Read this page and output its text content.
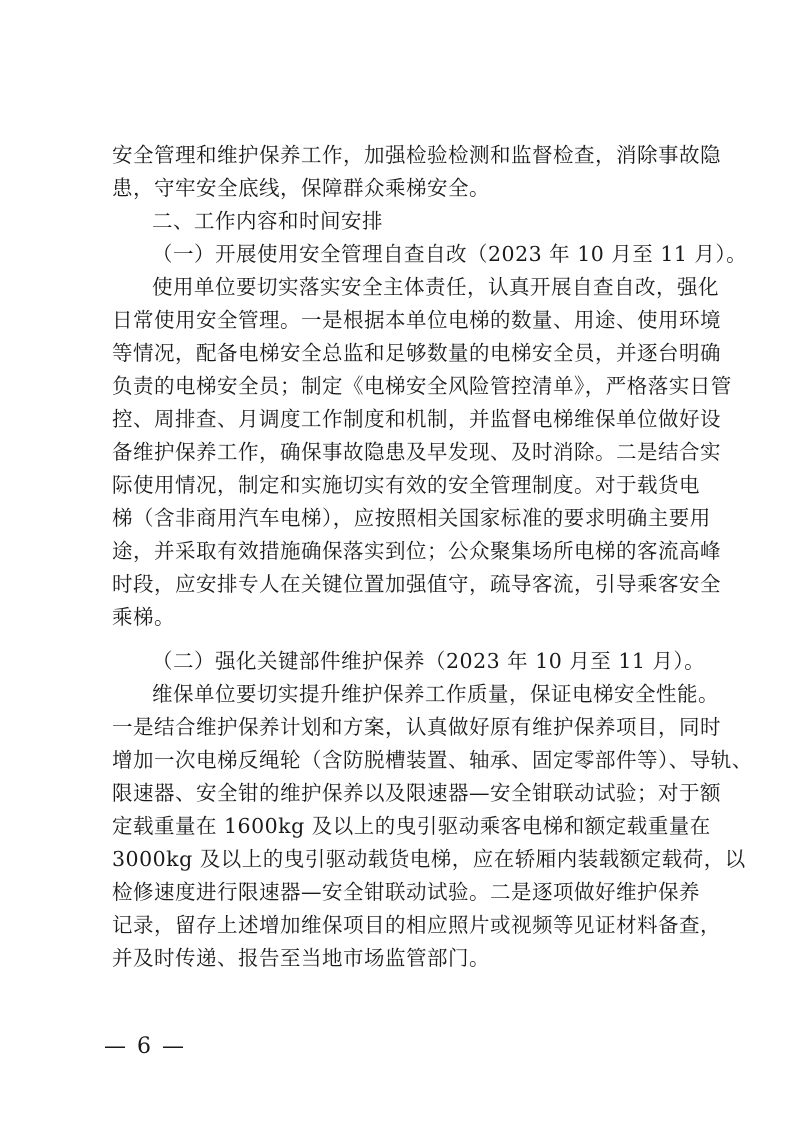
安全管理和维护保养工作，加强检验检测和监督检查，消除事故隐
患，守牢安全底线，保障群众乘梯安全。
二、工作内容和时间安排
（一）开展使用安全管理自查自改（2023 年 10 月至 11 月）。
使用单位要切实落实安全主体责任，认真开展自查自改，强化
日常使用安全管理。一是根据本单位电梯的数量、用途、使用环境
等情况，配备电梯安全总监和足够数量的电梯安全员，并逐台明确
负责的电梯安全员；制定《电梯安全风险管控清单》，严格落实日管
控、周排查、月调度工作制度和机制，并监督电梯维保单位做好设
备维护保养工作，确保事故隐患及早发现、及时消除。二是结合实
际使用情况，制定和实施切实有效的安全管理制度。对于载货电
梯（含非商用汽车电梯），应按照相关国家标准的要求明确主要用
途，并采取有效措施确保落实到位；公众聚集场所电梯的客流高峰
时段，应安排专人在关键位置加强值守，疏导客流，引导乘客安全
乘梯。
（二）强化关键部件维护保养（2023 年 10 月至 11 月）。
维保单位要切实提升维护保养工作质量，保证电梯安全性能。
一是结合维护保养计划和方案，认真做好原有维护保养项目，同时
增加一次电梯反绳轮（含防脱槽装置、轴承、固定零部件等）、导轨、
限速器、安全钳的维护保养以及限速器—安全钳联动试验；对于额
定载重量在 1600kg 及以上的曳引驱动乘客电梯和额定载重量在
3000kg 及以上的曳引驱动载货电梯，应在轿厢内装载额定载荷，以
检修速度进行限速器—安全钳联动试验。二是逐项做好维护保养
记录，留存上述增加维保项目的相应照片或视频等见证材料备查，
并及时传递、报告至当地市场监管部门。
— 6 —
